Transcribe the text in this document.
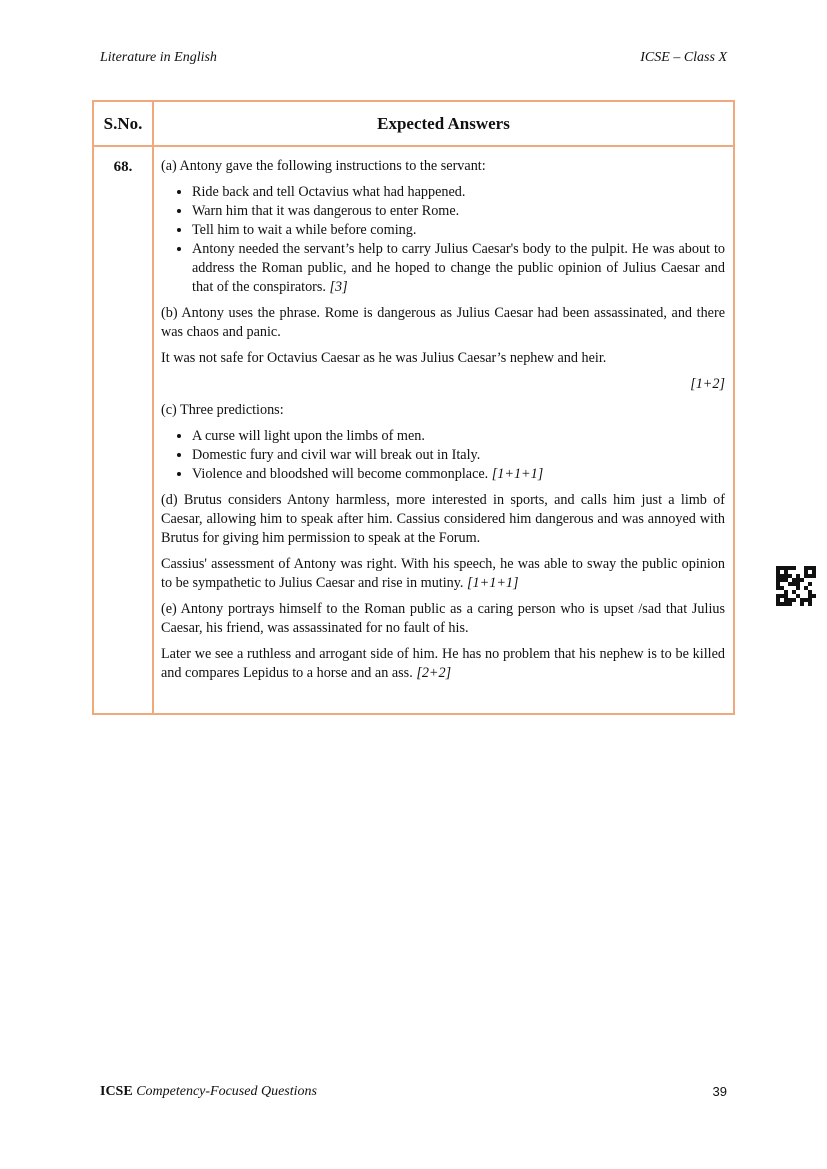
Literature in English	ICSE – Class X
S.No.	Expected Answers
68.	(a) Antony gave the following instructions to the servant:

• Ride back and tell Octavius what had happened.
• Warn him that it was dangerous to enter Rome.
• Tell him to wait a while before coming.
• Antony needed the servant’s help to carry Julius Caesar's body to the pulpit. He was about to address the Roman public, and he hoped to change the public opinion of Julius Caesar and that of the conspirators. [3]

(b) Antony uses the phrase. Rome is dangerous as Julius Caesar had been assassinated, and there was chaos and panic.

It was not safe for Octavius Caesar as he was Julius Caesar’s nephew and heir.

[1+2]

(c) Three predictions:

• A curse will light upon the limbs of men.
• Domestic fury and civil war will break out in Italy.
• Violence and bloodshed will become commonplace. [1+1+1]

(d) Brutus considers Antony harmless, more interested in sports, and calls him just a limb of Caesar, allowing him to speak after him. Cassius considered him dangerous and was annoyed with Brutus for giving him permission to speak at the Forum.

Cassius' assessment of Antony was right. With his speech, he was able to sway the public opinion to be sympathetic to Julius Caesar and rise in mutiny. [1+1+1]

(e) Antony portrays himself to the Roman public as a caring person who is upset /sad that Julius Caesar, his friend, was assassinated for no fault of his.

Later we see a ruthless and arrogant side of him. He has no problem that his nephew is to be killed and compares Lepidus to a horse and an ass. [2+2]

ICSE Competency-Focused Questions	39
